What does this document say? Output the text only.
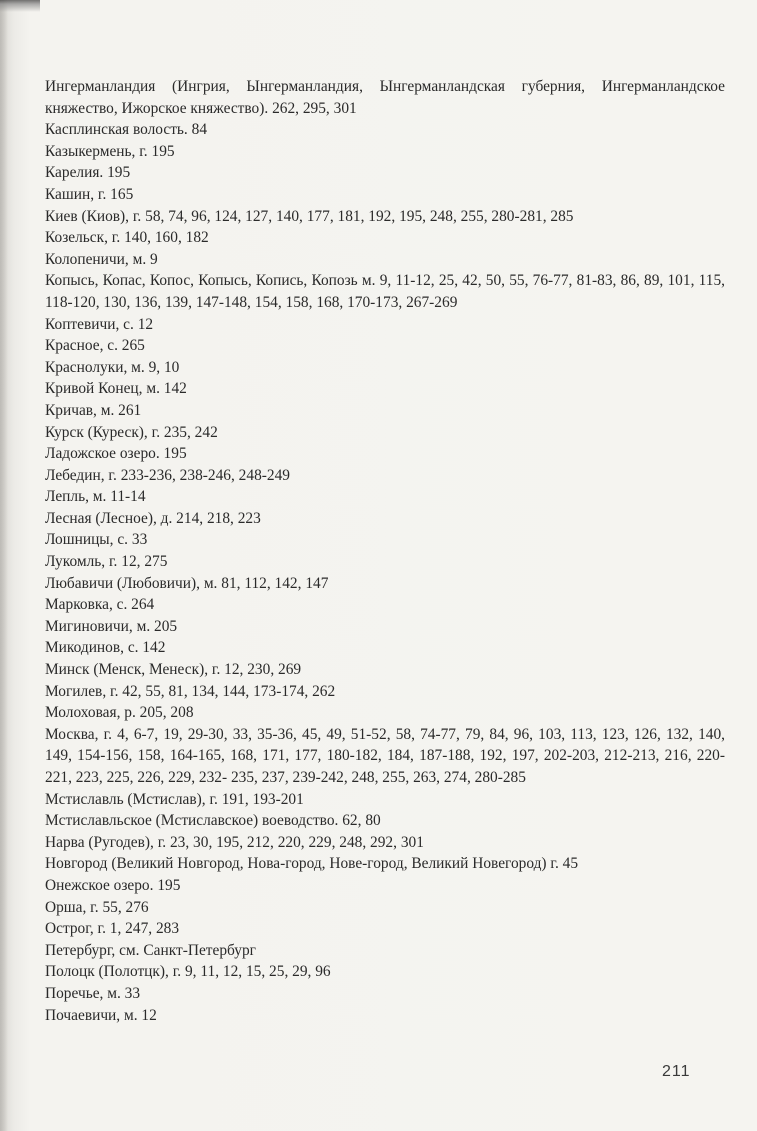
Ингерманландия (Ингрия, Ынгерманландия, Ынгерманландская губерния, Ингерманландское княжество, Ижорское княжество). 262, 295, 301
Касплинская волость. 84
Казыкермень, г. 195
Карелия. 195
Кашин, г. 165
Киев (Киов), г. 58, 74, 96, 124, 127, 140, 177, 181, 192, 195, 248, 255, 280-281, 285
Козельск, г. 140, 160, 182
Колопеничи, м. 9
Копысь, Копас, Копос, Копысь, Копись, Копозь м. 9, 11-12, 25, 42, 50, 55, 76-77, 81-83, 86, 89, 101, 115, 118-120, 130, 136, 139, 147-148, 154, 158, 168, 170-173, 267-269
Коптевичи, с. 12
Красное, с. 265
Краснолуки, м. 9, 10
Кривой Конец, м. 142
Кричав, м. 261
Курск (Куреск), г. 235, 242
Ладожское озеро. 195
Лебедин, г. 233-236, 238-246, 248-249
Лепль, м. 11-14
Лесная (Лесное), д. 214, 218, 223
Лошницы, с. 33
Лукомль, г. 12, 275
Любавичи (Любовичи), м. 81, 112, 142, 147
Марковка, с. 264
Мигиновичи, м. 205
Микодинов, с. 142
Минск (Менск, Менеск), г. 12, 230, 269
Могилев, г. 42, 55, 81, 134, 144, 173-174, 262
Молоховая, р. 205, 208
Москва, г. 4, 6-7, 19, 29-30, 33, 35-36, 45, 49, 51-52, 58, 74-77, 79, 84, 96, 103, 113, 123, 126, 132, 140, 149, 154-156, 158, 164-165, 168, 171, 177, 180-182, 184, 187-188, 192, 197, 202-203, 212-213, 216, 220-221, 223, 225, 226, 229, 232- 235, 237, 239-242, 248, 255, 263, 274, 280-285
Мстиславль (Мстислав), г. 191, 193-201
Мстиславльское (Мстиславское) воеводство. 62, 80
Нарва (Ругодев), г. 23, 30, 195, 212, 220, 229, 248, 292, 301
Новгород (Великий Новгород, Нова-город, Нове-город, Великий Новегород) г. 45
Онежское озеро. 195
Орша, г. 55, 276
Острог, г. 1, 247, 283
Петербург, см. Санкт-Петербург
Полоцк (Полотцк), г. 9, 11, 12, 15, 25, 29, 96
Поречье, м. 33
Почаевичи, м. 12
211
